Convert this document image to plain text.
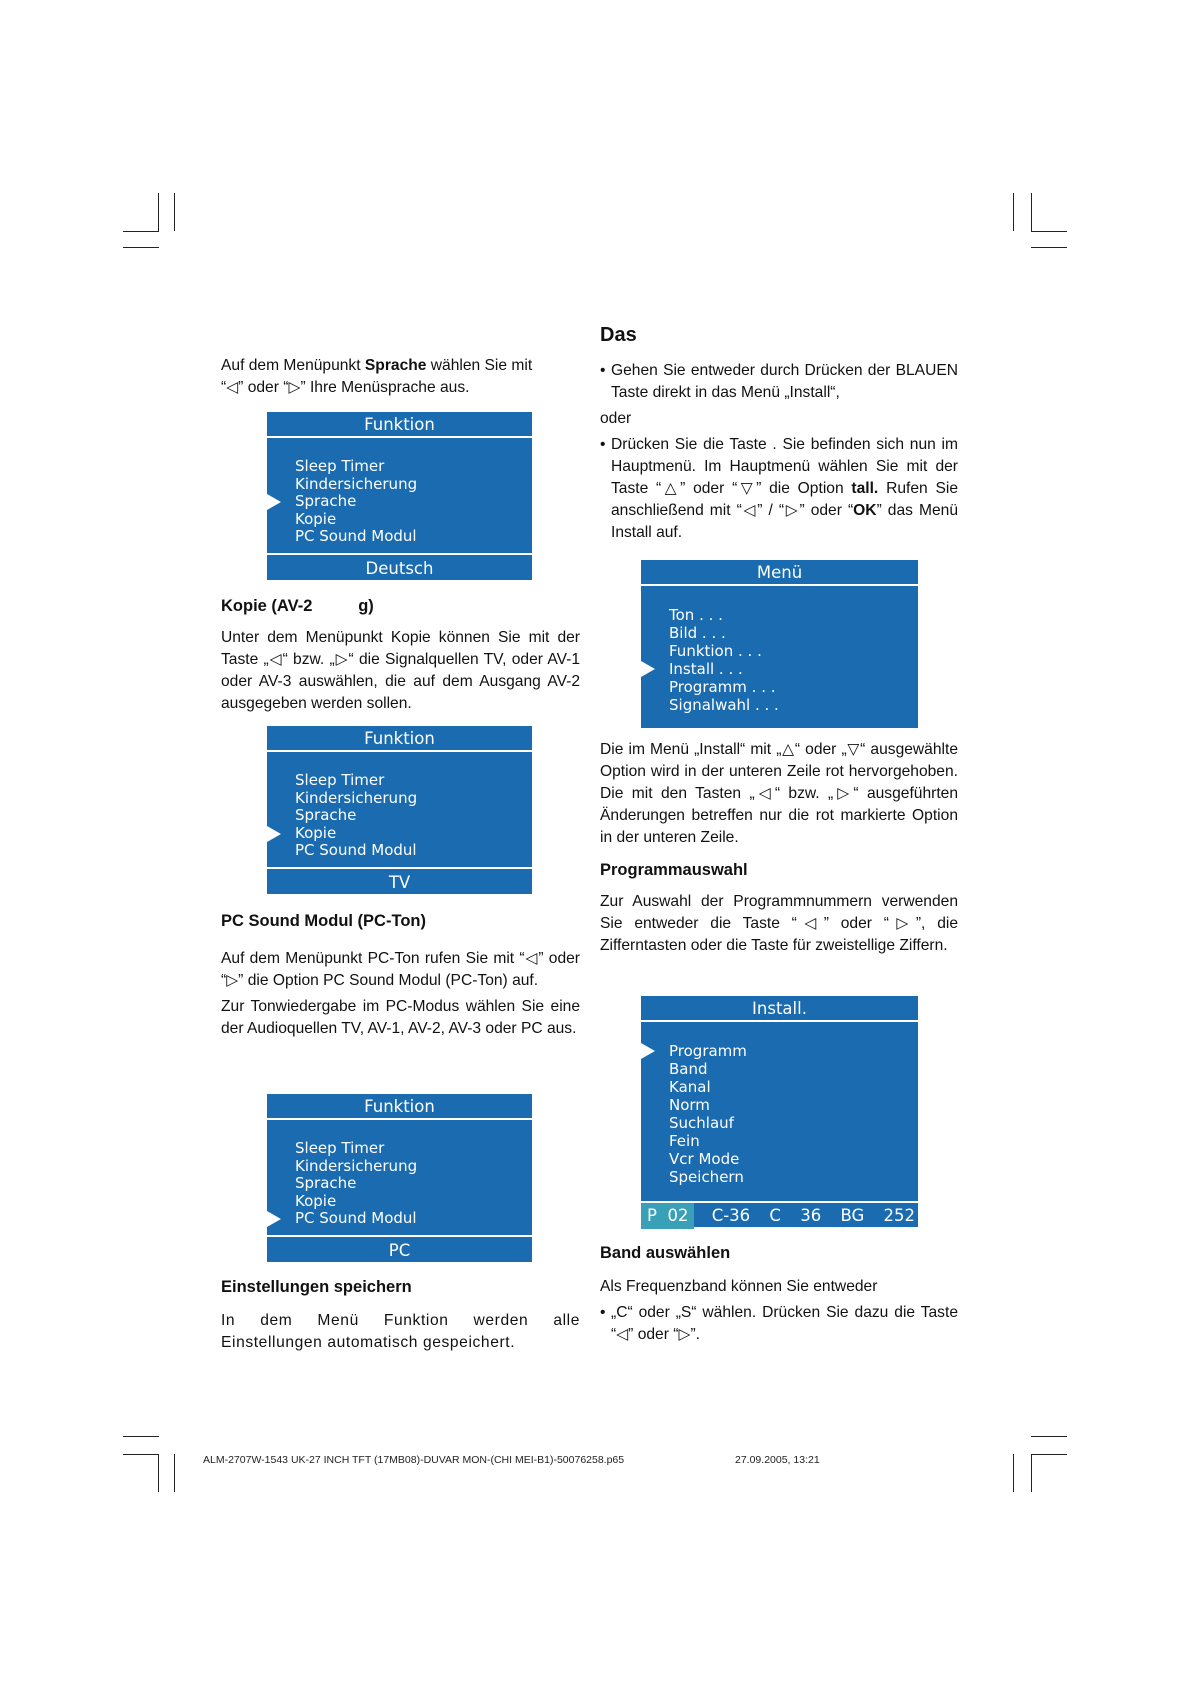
Auf dem Menüpunkt Sprache wählen Sie mit
“◁” oder “▷” Ihre Menüsprache aus.

Funktion
Sleep Timer
Kindersicherung
Sprache
Kopie
PC Sound Modul
Deutsch
Kopie (AV-2          g)

Unter dem Menüpunkt Kopie können Sie mit der Taste „◁“ bzw. „▷“ die Signalquellen TV, oder AV-1 oder AV-3 auswählen, die auf dem Ausgang AV-2 ausgegeben werden sollen.

Funktion
Sleep Timer
Kindersicherung
Sprache
Kopie
PC Sound Modul
TV
PC Sound Modul (PC-Ton)

Auf dem Menüpunkt PC-Ton rufen Sie mit “◁” oder “▷” die Option PC Sound Modul (PC-Ton) auf.

Zur Tonwiedergabe im PC-Modus wählen Sie eine der Audioquellen TV, AV-1, AV-2, AV-3 oder PC aus.

Funktion
Sleep Timer
Kindersicherung
Sprache
Kopie
PC Sound Modul
PC
Einstellungen speichern

In dem Menü Funktion werden alle Einstellungen automatisch gespeichert.

Das
• Gehen Sie entweder durch Drücken der BLAUEN Taste direkt in das Menü „Install“,

oder

• Drücken Sie die Taste . Sie befinden sich nun im Hauptmenü. Im Hauptmenü wählen Sie mit der Taste “△” oder “▽” die Option tall. Rufen Sie anschließend mit “◁” / “▷” oder “OK” das Menü Install auf.
Menü
Ton . . .
Bild . . .
Funktion . . .
Install . . .
Programm . . .
Signalwahl . . .

Die im Menü „Install“ mit „△“ oder „▽“ ausgewählte Option wird in der unteren Zeile rot hervorgehoben. Die mit den Tasten „◁“ bzw. „▷“ ausgeführten Änderungen betreffen nur die rot markierte Option in der unteren Zeile.

Programmauswahl

Zur Auswahl der Programmnummern verwenden Sie entweder die Taste “◁” oder “▷”, die Zifferntasten oder die Taste für zweistellige Ziffern.

Install.
Programm
Band
Kanal
Norm
Suchlauf
Fein
Vcr Mode
Speichern
P  02 C-36 C 36 BG 252
Band auswählen

Als Frequenzband können Sie entweder

• „C“ oder „S“ wählen. Drücken Sie dazu die Taste “◁” oder “▷”.
ALM-2707W-1543 UK-27 INCH TFT (17MB08)-DUVAR MON-(CHI MEI-B1)-50076258.p65	27.09.2005, 13:21
